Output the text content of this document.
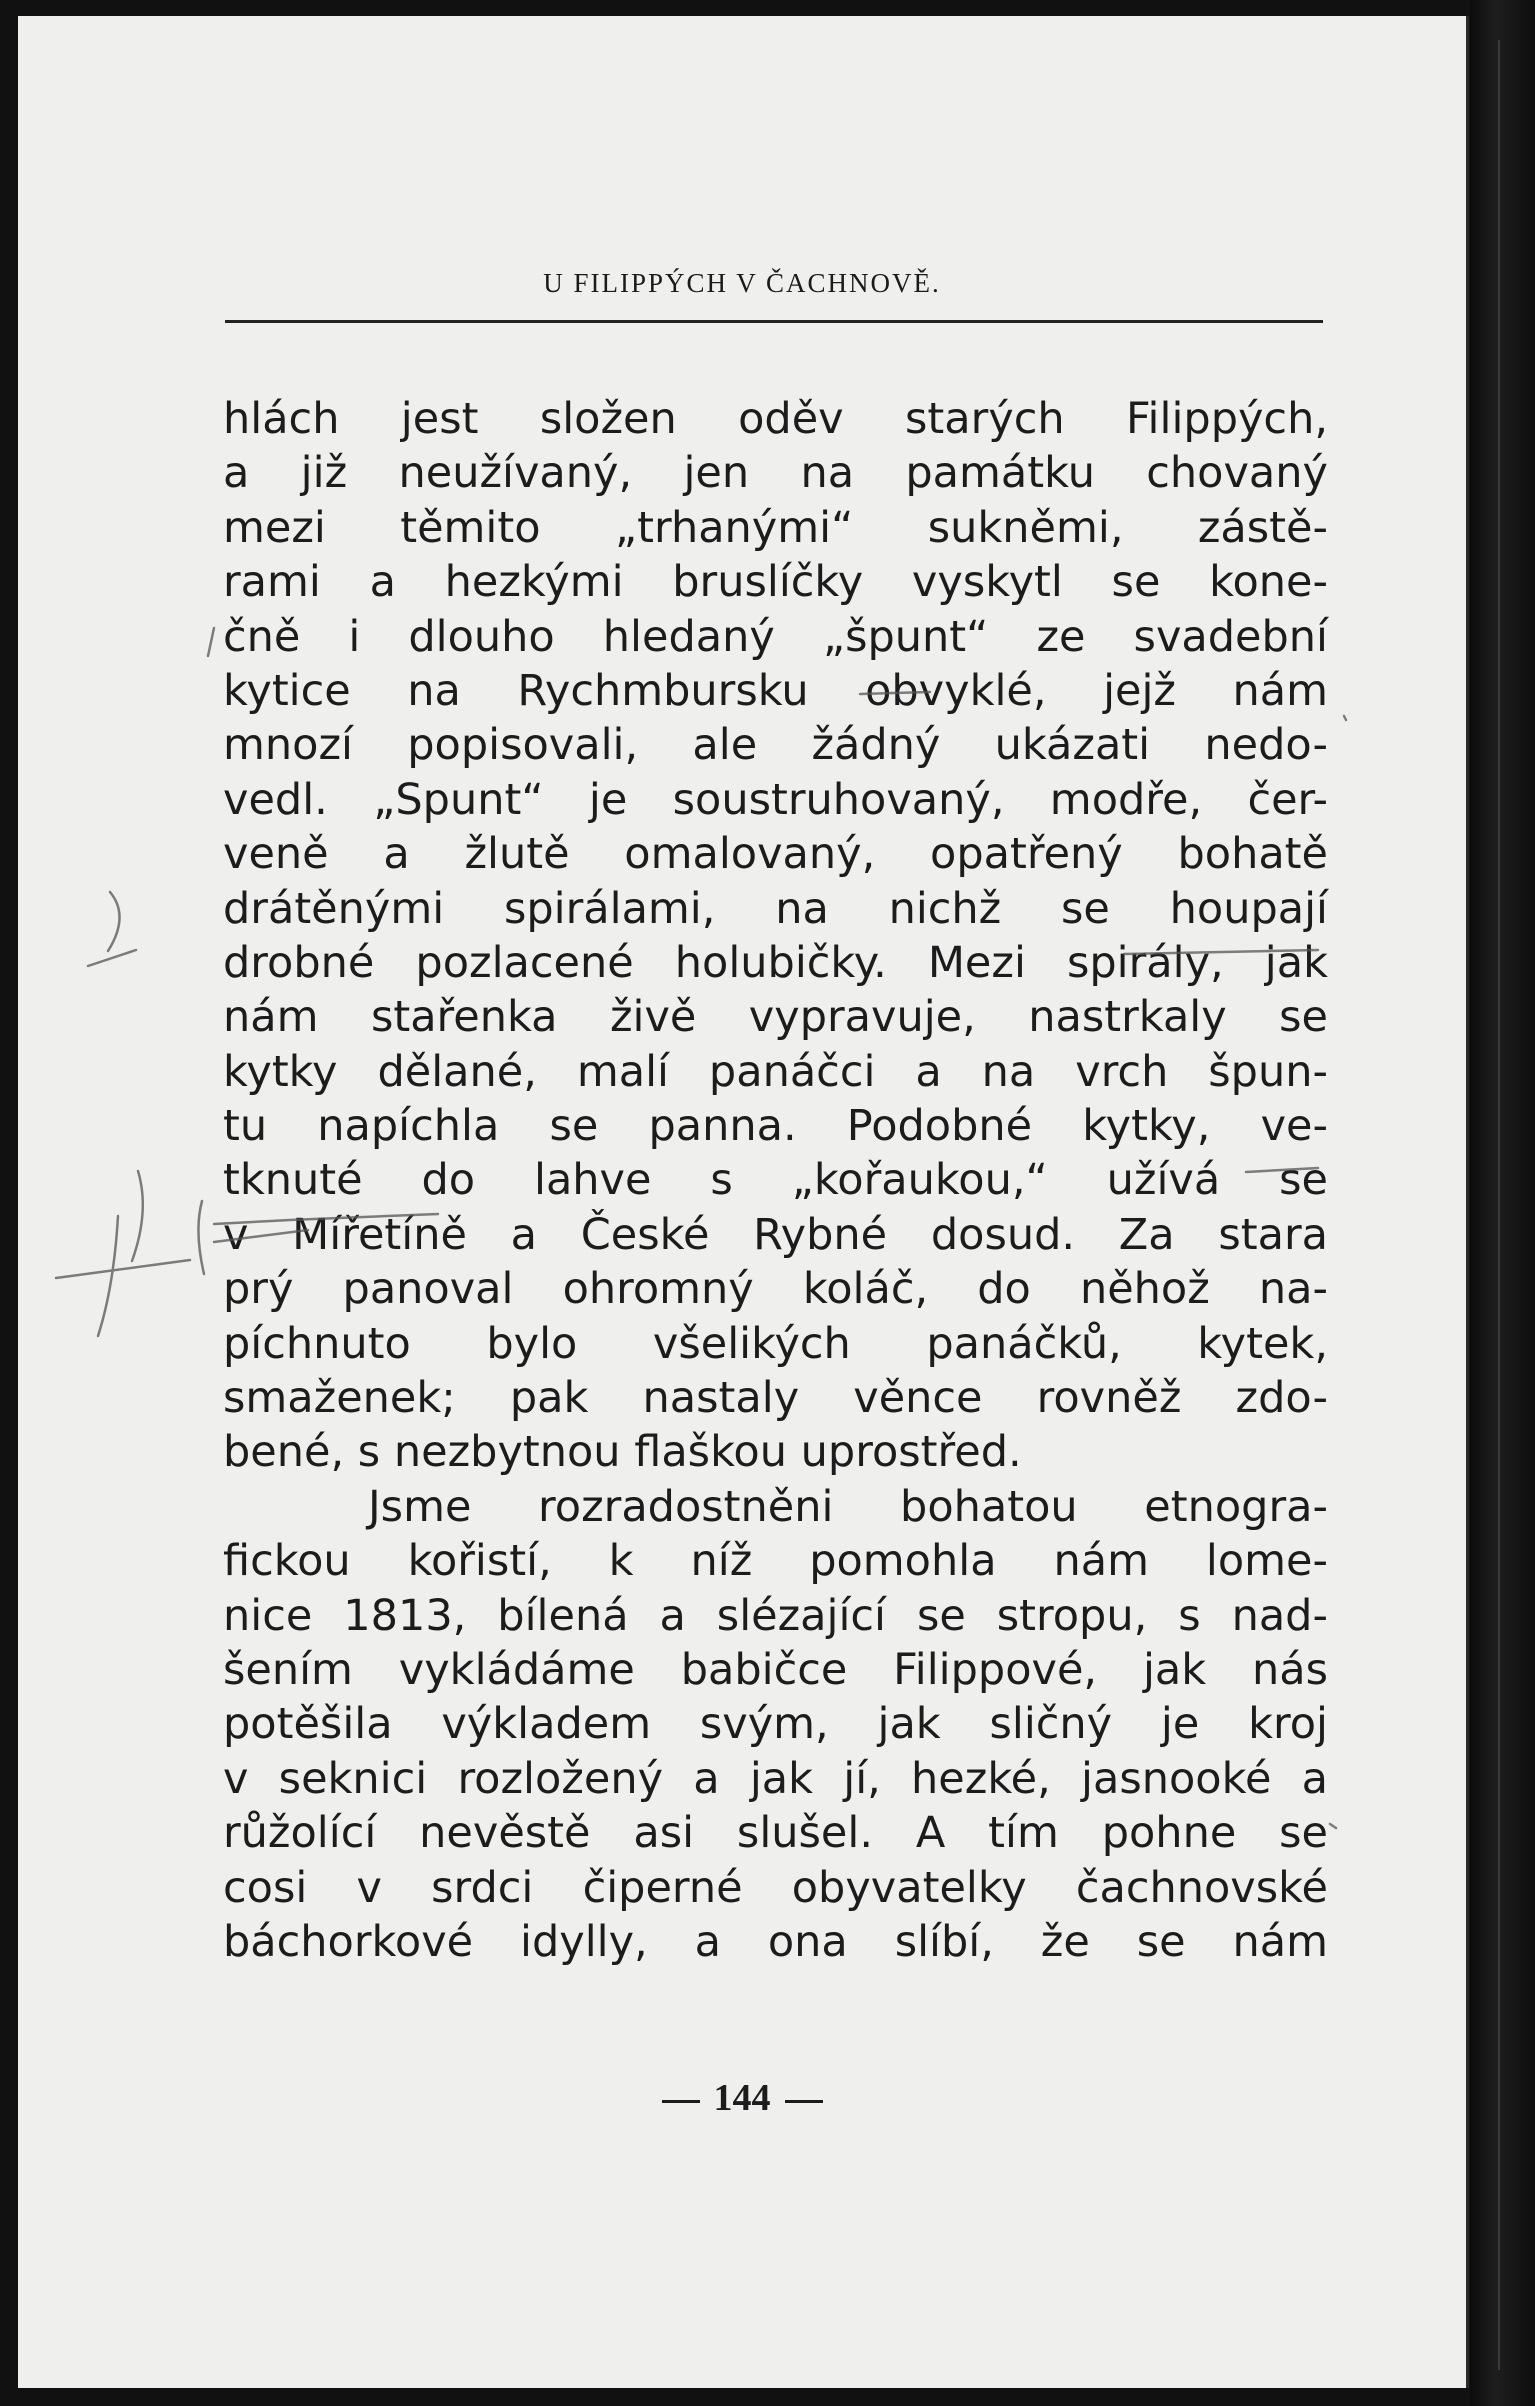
U FILIPPÝCH V ČACHNOVĚ.
hlách jest složen oděv starých Filippých,
a již neužívaný, jen na památku chovaný
mezi těmito „trhanými“ sukněmi, zástě-
rami a hezkými bruslíčky vyskytl se kone-
čně i dlouho hledaný „špunt“ ze svadební
kytice na Rychmbursku obvyklé, jejž nám
mnozí popisovali, ale žádný ukázati nedo-
vedl. „Spunt“ je soustruhovaný, modře, čer-
veně a žlutě omalovaný, opatřený bohatě
drátěnými spirálami, na nichž se houpají
drobné pozlacené holubičky. Mezi spirály, jak
nám stařenka živě vypravuje, nastrkaly se
kytky dělané, malí panáčci a na vrch špun-
tu napíchla se panna. Podobné kytky, ve-
tknuté do lahve s „kořaukou,“ užívá se
v Mířetíně a České Rybné dosud. Za stara
prý panoval ohromný koláč, do něhož na-
píchnuto bylo všelikých panáčků, kytek,
smaženek; pak nastaly věnce rovněž zdo-
bené, s nezbytnou flaškou uprostřed.
Jsme rozradostněni bohatou etnogra-
fickou kořistí, k níž pomohla nám lome-
nice 1813, bílená a slézající se stropu, s nad-
šením vykládáme babičce Filippové, jak nás
potěšila výkladem svým, jak sličný je kroj
v seknici rozložený a jak jí, hezké, jasnooké a
růžolící nevěstě asi slušel. A tím pohne se
cosi v srdci čiperné obyvatelky čachnovské
báchorkové idylly, a ona slíbí, že se nám
144
